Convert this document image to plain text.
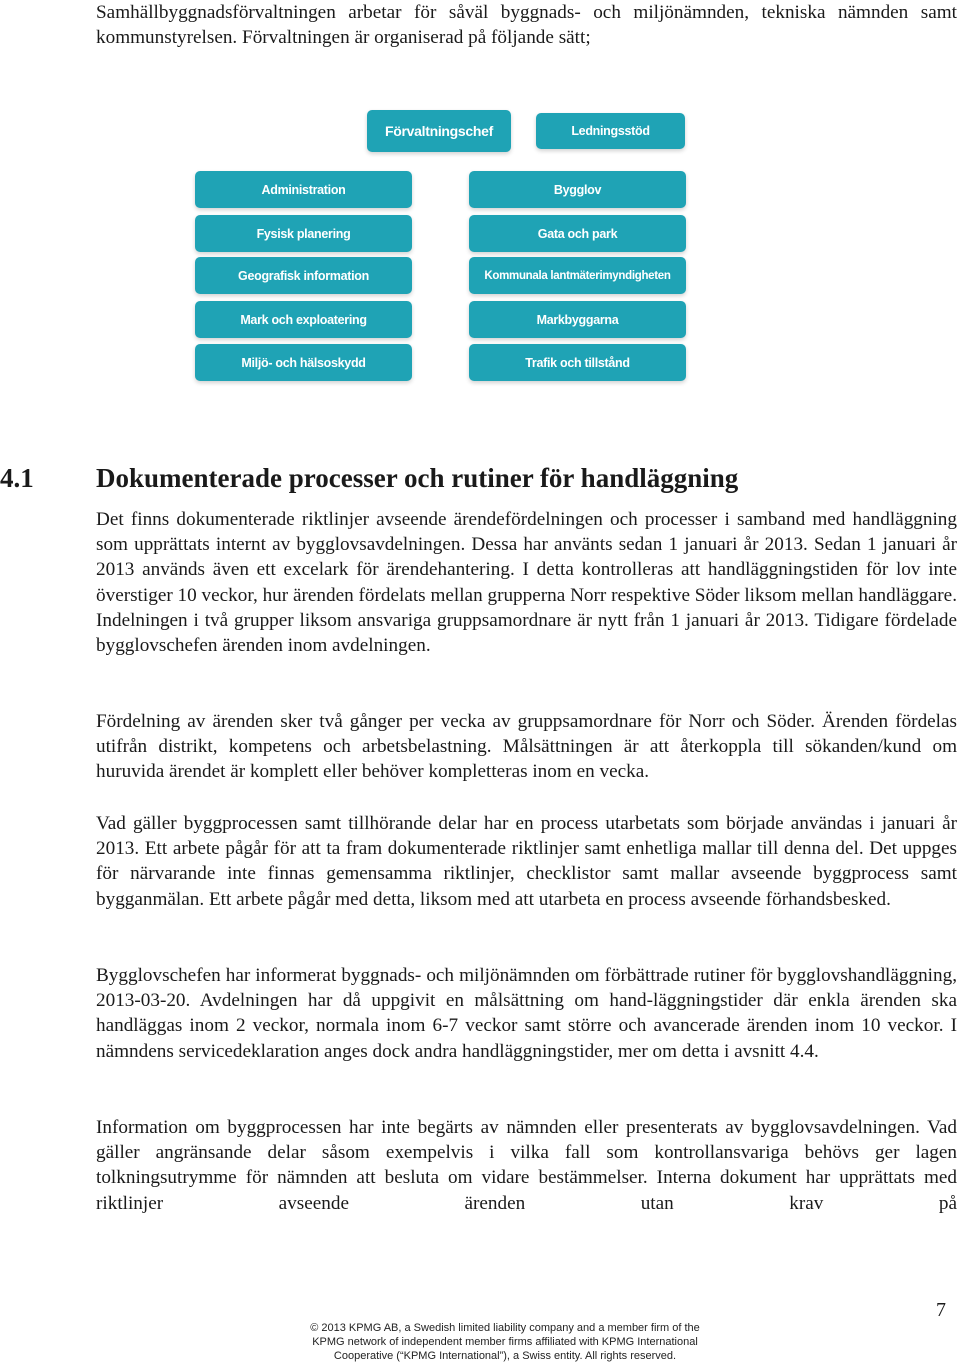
Samhällbyggnadsförvaltningen arbetar för såväl byggnads- och miljönämnden, tekniska nämnden samt kommunstyrelsen. Förvaltningen är organiserad på följande sätt;

Förvaltningschef	Ledningsstöd
Administration
Fysisk planering
Geografisk information
Mark och exploatering
Miljö- och hälsoskydd
Bygglov
Gata och park
Kommunala lantmäterimyndigheten
Markbyggarna
Trafik och tillstånd
4.1 Dokumenterade processer och rutiner för handläggning

Det finns dokumenterade riktlinjer avseende ärendefördelningen och processer i samband med handläggning som upprättats internt av bygglovsavdelningen. Dessa har använts sedan 1 januari år 2013. Sedan 1 januari år 2013 används även ett excelark för ärendehantering. I detta kontrolleras att handläggningstiden för lov inte överstiger 10 veckor, hur ärenden fördelats mellan grupperna Norr respektive Söder liksom mellan handläggare. Indelningen i två grupper liksom ansvariga gruppsamordnare är nytt från 1 januari år 2013. Tidigare fördelade bygglovschefen ärenden inom avdelningen.

Fördelning av ärenden sker två gånger per vecka av gruppsamordnare för Norr och Söder. Ärenden fördelas utifrån distrikt, kompetens och arbetsbelastning. Målsättningen är att återkoppla till sökanden/kund om huruvida ärendet är komplett eller behöver kompletteras inom en vecka.

Vad gäller byggprocessen samt tillhörande delar har en process utarbetats som började användas i januari år 2013. Ett arbete pågår för att ta fram dokumenterade riktlinjer samt enhetliga mallar till denna del. Det uppges för närvarande inte finnas gemensamma riktlinjer, checklistor samt mallar avseende byggprocess samt bygganmälan. Ett arbete pågår med detta, liksom med att utarbeta en process avseende förhandsbesked.

Bygglovschefen har informerat byggnads- och miljönämnden om förbättrade rutiner för bygglovshandläggning, 2013-03-20. Avdelningen har då uppgivit en målsättning om hand-läggningstider där enkla ärenden ska handläggas inom 2 veckor, normala inom 6-7 veckor samt större och avancerade ärenden inom 10 veckor. I nämndens servicedeklaration anges dock andra handläggningstider, mer om detta i avsnitt 4.4.

Information om byggprocessen har inte begärts av nämnden eller presenterats av bygglovsavdelningen. Vad gäller angränsande delar såsom exempelvis i vilka fall som kontrollansvariga behövs ger lagen tolkningsutrymme för nämnden att besluta om vidare bestämmelser. Interna dokument har upprättats med riktlinjer avseende ärenden utan krav på

© 2013 KPMG AB, a Swedish limited liability company and a member firm of the
KPMG network of independent member firms affiliated with KPMG International
Cooperative (“KPMG International”), a Swiss entity. All rights reserved.
7
